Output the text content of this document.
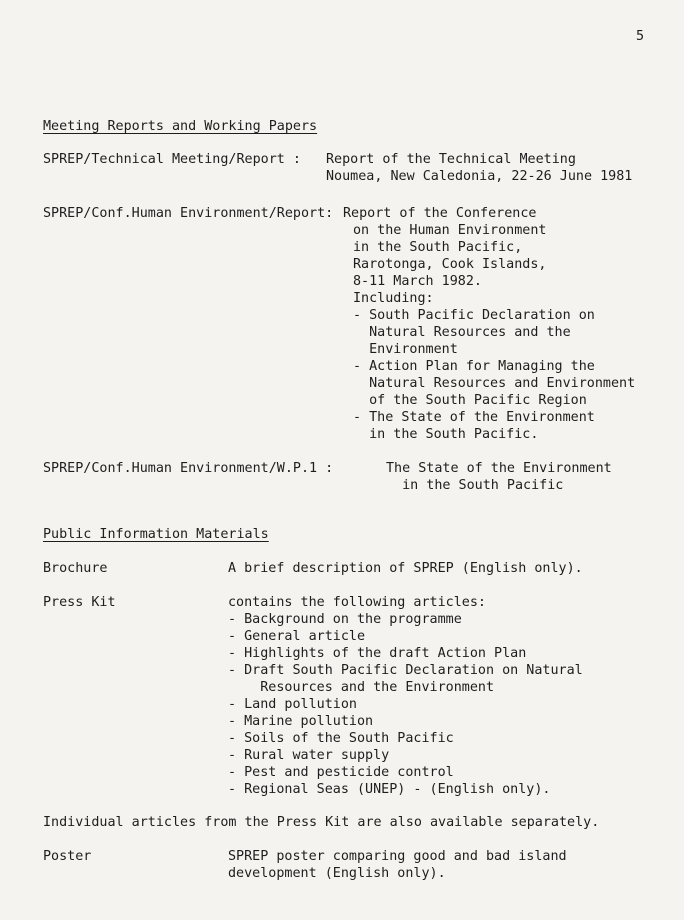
5
Meeting Reports and Working Papers
SPREP/Technical Meeting/Report : Report of the Technical Meeting
Noumea, New Caledonia, 22-26 June 1981
SPREP/Conf.Human Environment/Report: Report of the Conference
on the Human Environment
in the South Pacific,
Rarotonga, Cook Islands,
8-11 March 1982.
Including:
- South Pacific Declaration on
Natural Resources and the
Environment
- Action Plan for Managing the
Natural Resources and Environment
of the South Pacific Region
- The State of the Environment
in the South Pacific.
SPREP/Conf.Human Environment/W.P.1 :	The State of the Environment
in the South Pacific
Public Information Materials
Brochure	A brief description of SPREP (English only).
Press Kit	contains the following articles:
- Background on the programme
- General article
- Highlights of the draft Action Plan
- Draft South Pacific Declaration on Natural
Resources and the Environment
- Land pollution
- Marine pollution
- Soils of the South Pacific
- Rural water supply
- Pest and pesticide control
- Regional Seas (UNEP) - (English only).
Individual articles from the Press Kit are also available separately.
Poster	SPREP poster comparing good and bad island
development (English only).
